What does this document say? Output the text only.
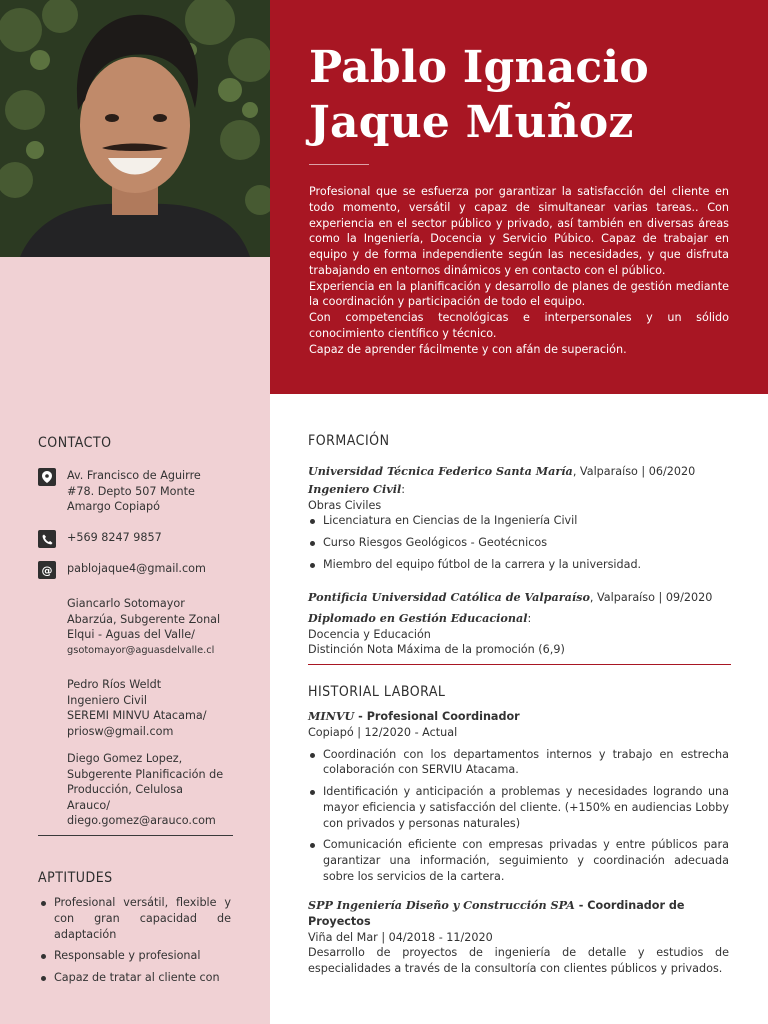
Pablo Ignacio
Jaque Muñoz

Profesional que se esfuerza por garantizar la satisfacción del cliente en todo momento, versátil y capaz de simultanear varias tareas.. Con experiencia en el sector público y privado, así también en diversas áreas como la Ingeniería, Docencia y Servicio Púbico. Capaz de trabajar en equipo y de forma independiente según las necesidades, y que disfruta trabajando en entornos dinámicos y en contacto con el público.

Experiencia en la planificación y desarrollo de planes de gestión mediante la coordinación y participación de todo el equipo.

Con competencias tecnológicas e interpersonales y un sólido conocimiento científico y técnico.

Capaz de aprender fácilmente y con afán de superación.

CONTACTO
Av. Francisco de Aguirre #78. Depto 507 Monte Amargo Copiapó
+569 8247 9857
@	pablojaque4@gmail.com
Giancarlo Sotomayor
Abarzúa, Subgerente Zonal
Elqui - Aguas del Valle/
gsotomayor@aguasdelvalle.cl
Pedro Ríos Weldt
Ingeniero Civil
SEREMI MINVU Atacama/
priosw@gmail.com
Diego Gomez Lopez,
Subgerente Planificación de
Producción, Celulosa
Arauco/
diego.gomez@arauco.com
APTITUDES
Profesional versátil, flexible y con gran capacidad de adaptación
Responsable y profesional
Capaz de tratar al cliente con
FORMACIÓN
Universidad Técnica Federico Santa María, Valparaíso | 06/2020
Ingeniero Civil:
Obras Civiles
Licenciatura en Ciencias de la Ingeniería Civil
Curso Riesgos Geológicos - Geotécnicos
Miembro del equipo fútbol de la carrera y la universidad.
Pontificia Universidad Católica de Valparaíso, Valparaíso | 09/2020
Diplomado en Gestión Educacional:
Docencia y Educación
Distinción Nota Máxima de la promoción (6,9)
HISTORIAL LABORAL
MINVU - Profesional Coordinador
Copiapó | 12/2020 - Actual
Coordinación con los departamentos internos y trabajo en estrecha colaboración con SERVIU Atacama.
Identificación y anticipación a problemas y necesidades logrando una mayor eficiencia y satisfacción del cliente. (+150% en audiencias Lobby con privados y personas naturales)
Comunicación eficiente con empresas privadas y entre públicos para garantizar una información, seguimiento y coordinación adecuada sobre los servicios de la cartera.
SPP Ingeniería Diseño y Construcción SPA - Coordinador de Proyectos
Viña del Mar | 04/2018 - 11/2020
Desarrollo de proyectos de ingeniería de detalle y estudios de especialidades a través de la consultoría con clientes públicos y privados.
